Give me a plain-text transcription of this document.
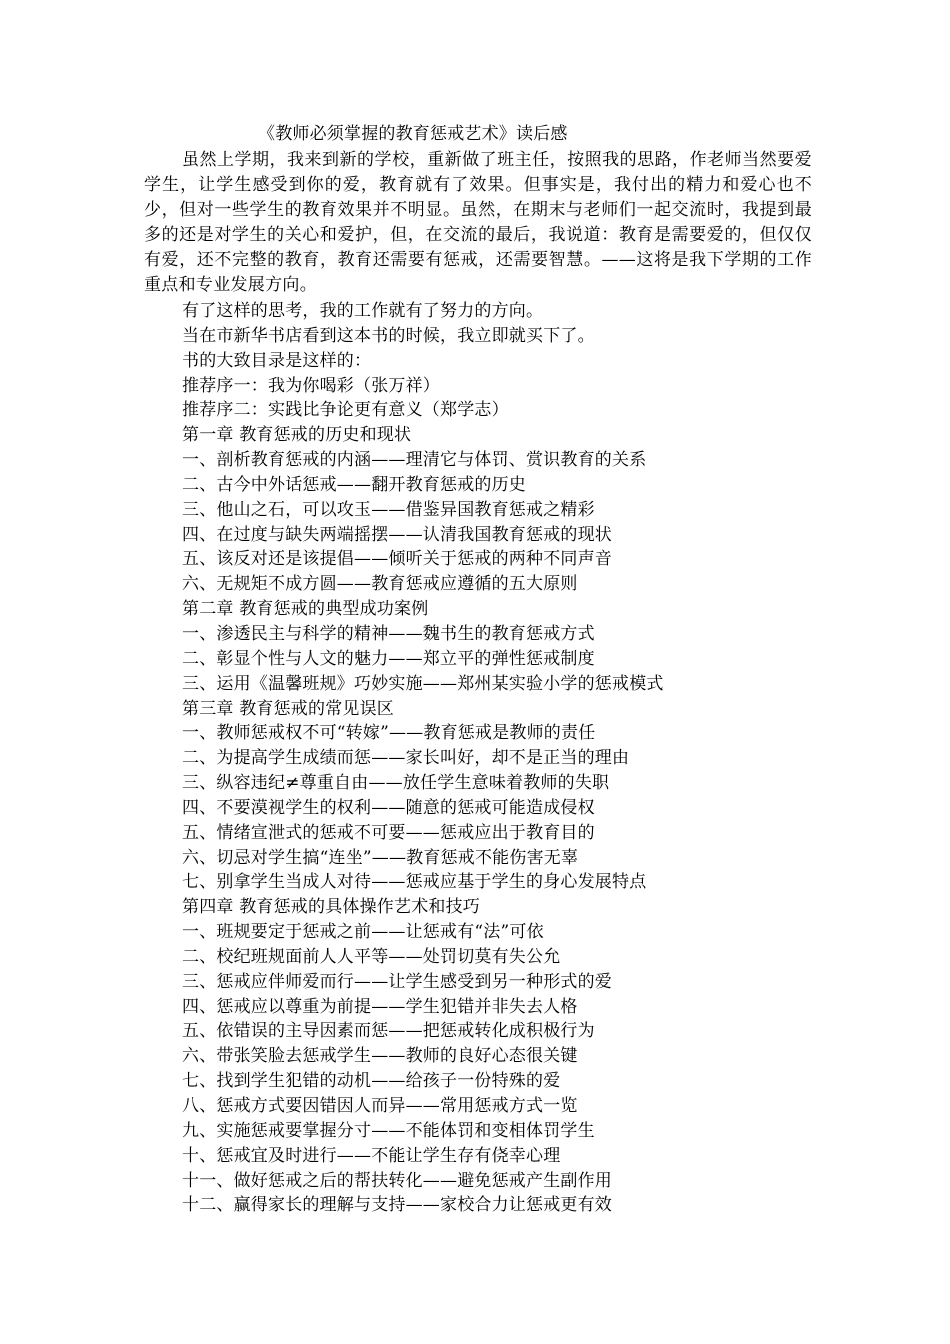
《教师必须掌握的教育惩戒艺术》读后感
虽然上学期，我来到新的学校，重新做了班主任，按照我的思路，作老师当然要爱学生，让学生感受到你的爱，教育就有了效果。但事实是，我付出的精力和爱心也不少，但对一些学生的教育效果并不明显。虽然，在期末与老师们一起交流时，我提到最多的还是对学生的关心和爱护，但，在交流的最后，我说道：教育是需要爱的，但仅仅有爱，还不完整的教育，教育还需要有惩戒，还需要智慧。——这将是我下学期的工作重点和专业发展方向。
有了这样的思考，我的工作就有了努力的方向。
当在市新华书店看到这本书的时候，我立即就买下了。
书的大致目录是这样的：
推荐序一：我为你喝彩（张万祥）
推荐序二：实践比争论更有意义（郑学志）
第一章 教育惩戒的历史和现状
一、剖析教育惩戒的内涵——理清它与体罚、赏识教育的关系
二、古今中外话惩戒——翻开教育惩戒的历史
三、他山之石，可以攻玉——借鉴异国教育惩戒之精彩
四、在过度与缺失两端摇摆——认清我国教育惩戒的现状
五、该反对还是该提倡——倾听关于惩戒的两种不同声音
六、无规矩不成方圆——教育惩戒应遵循的五大原则
第二章 教育惩戒的典型成功案例
一、渗透民主与科学的精神——魏书生的教育惩戒方式
二、彰显个性与人文的魅力——郑立平的弹性惩戒制度
三、运用《温馨班规》巧妙实施——郑州某实验小学的惩戒模式
第三章 教育惩戒的常见误区
一、教师惩戒权不可“转嫁”——教育惩戒是教师的责任
二、为提高学生成绩而惩——家长叫好，却不是正当的理由
三、纵容违纪≠尊重自由——放任学生意味着教师的失职
四、不要漠视学生的权利——随意的惩戒可能造成侵权
五、情绪宣泄式的惩戒不可要——惩戒应出于教育目的
六、切忌对学生搞“连坐”——教育惩戒不能伤害无辜
七、别拿学生当成人对待——惩戒应基于学生的身心发展特点
第四章 教育惩戒的具体操作艺术和技巧
一、班规要定于惩戒之前——让惩戒有“法”可依
二、校纪班规面前人人平等——处罚切莫有失公允
三、惩戒应伴师爱而行——让学生感受到另一种形式的爱
四、惩戒应以尊重为前提——学生犯错并非失去人格
五、依错误的主导因素而惩——把惩戒转化成积极行为
六、带张笑脸去惩戒学生——教师的良好心态很关键
七、找到学生犯错的动机——给孩子一份特殊的爱
八、惩戒方式要因错因人而异——常用惩戒方式一览
九、实施惩戒要掌握分寸——不能体罚和变相体罚学生
十、惩戒宜及时进行——不能让学生存有侥幸心理
十一、做好惩戒之后的帮扶转化——避免惩戒产生副作用
十二、赢得家长的理解与支持——家校合力让惩戒更有效
